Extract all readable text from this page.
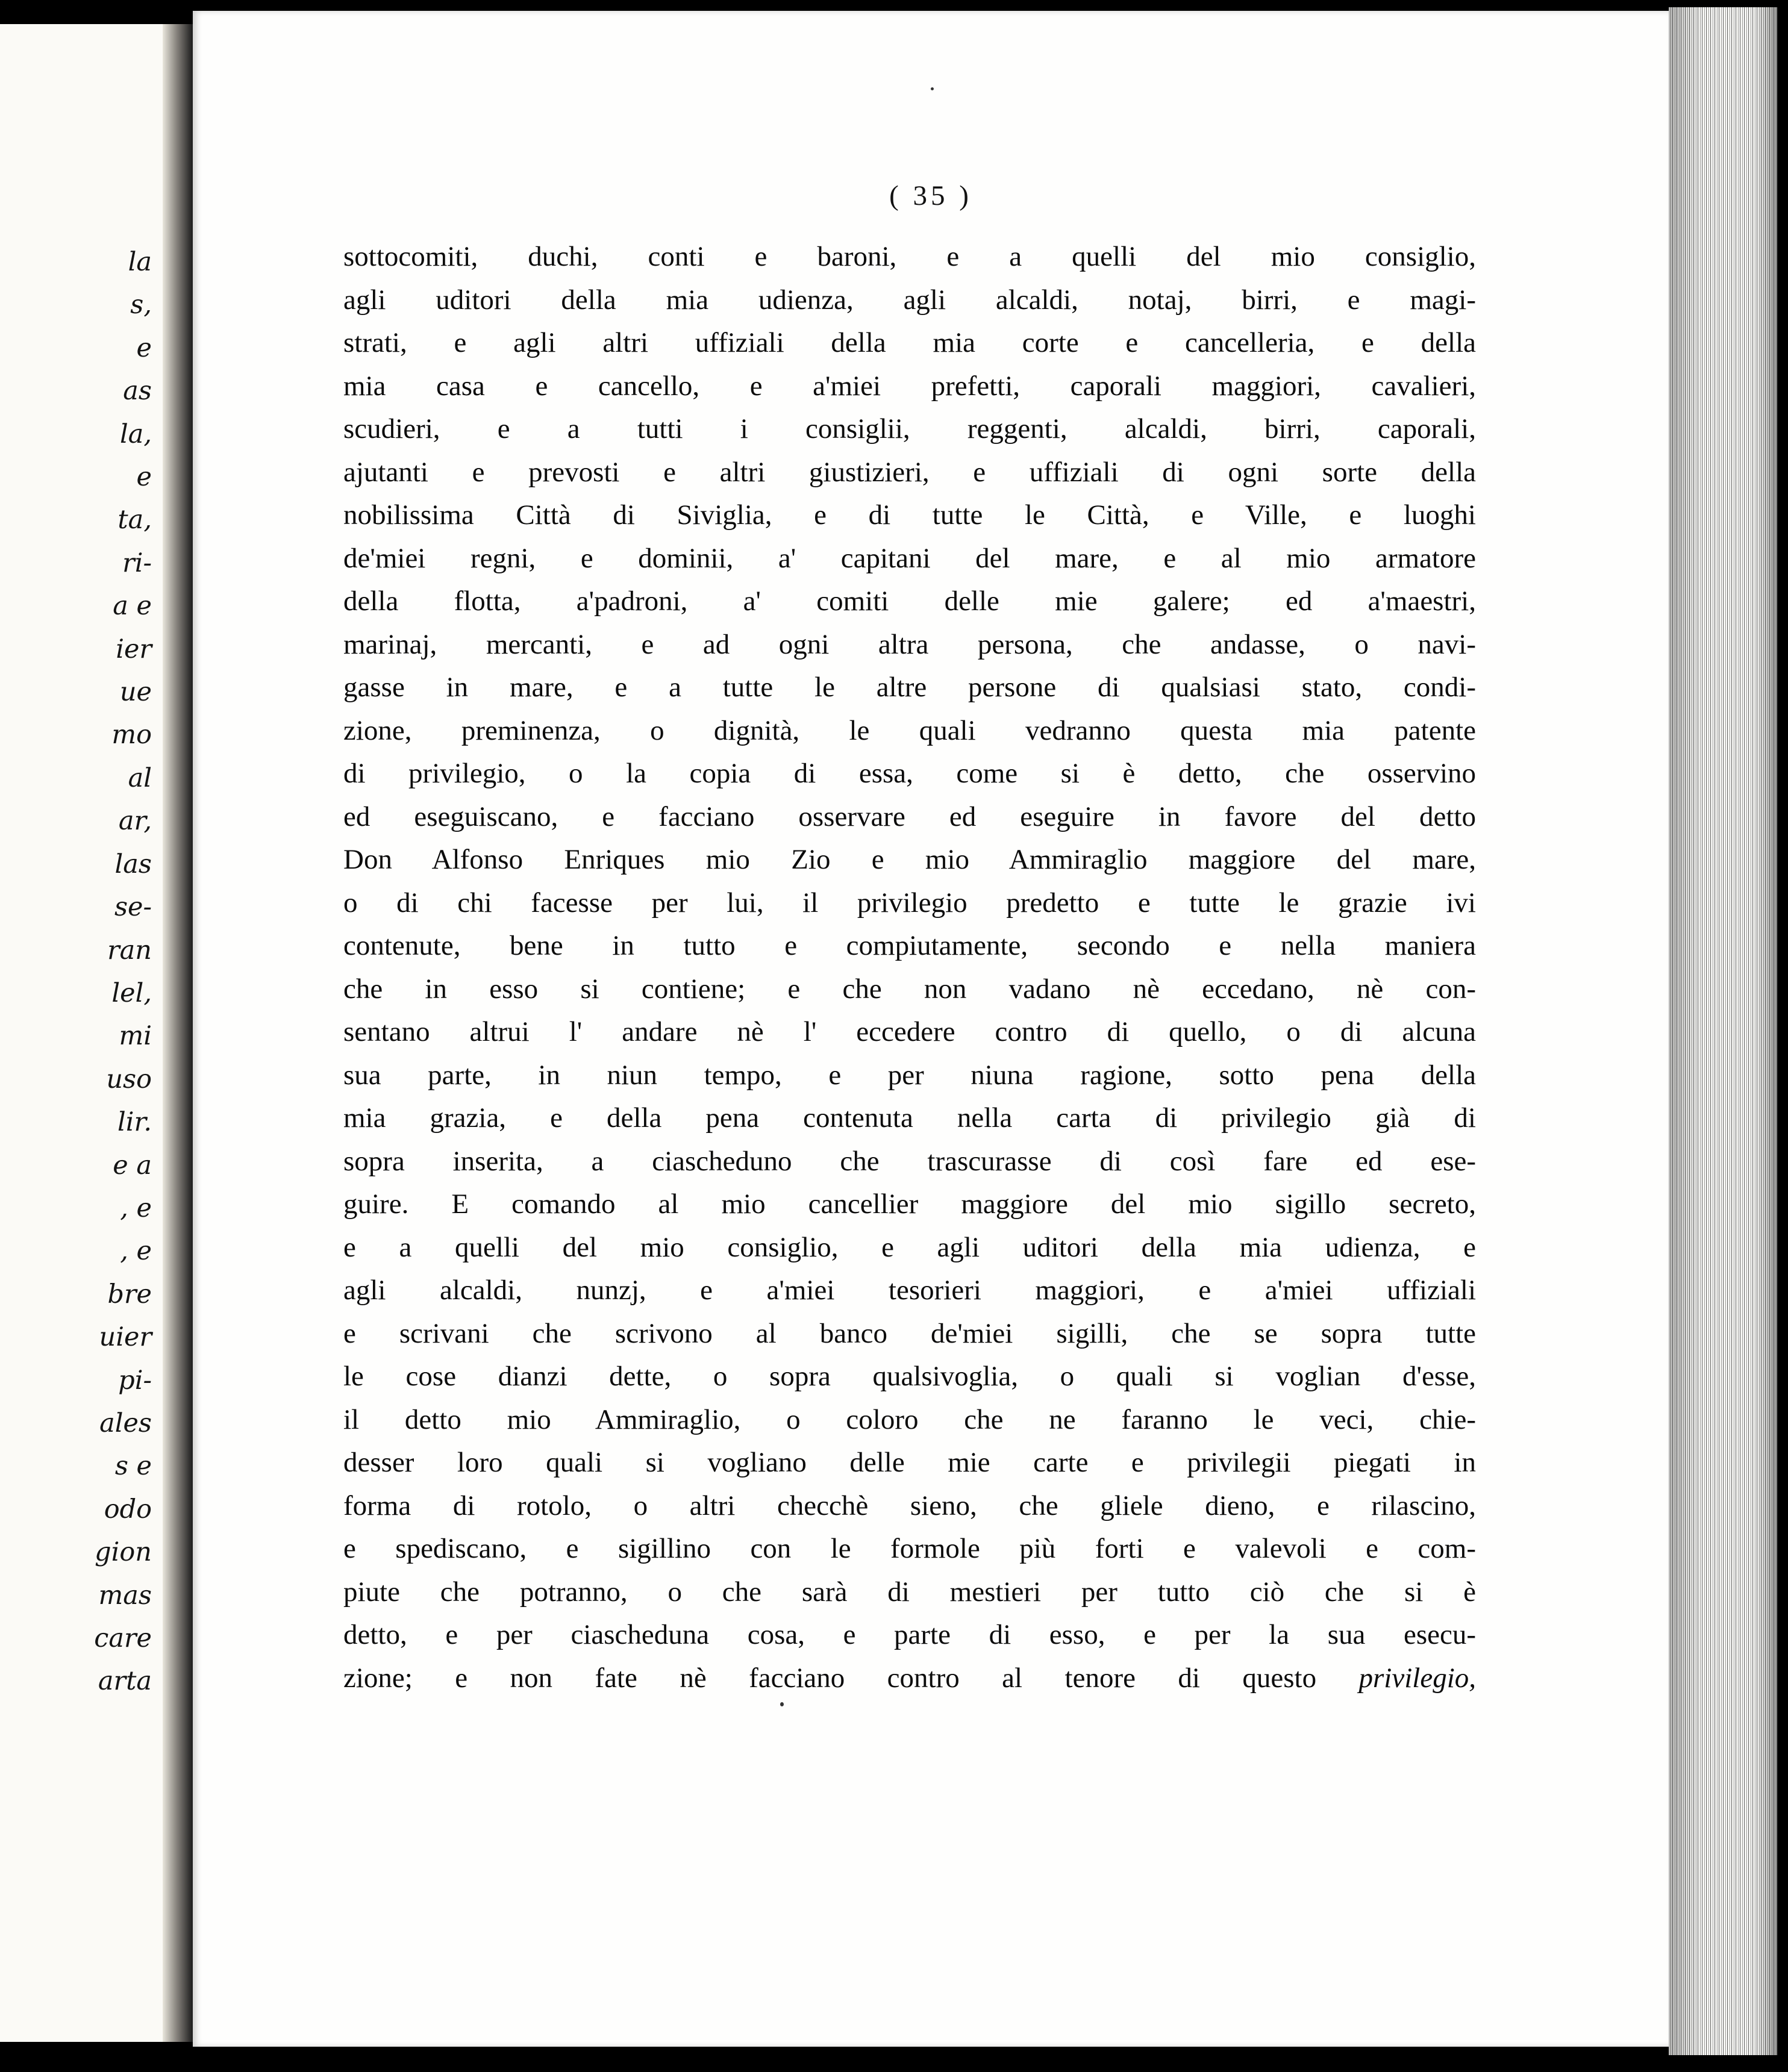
la
s,
e
as
la,
e
ta,
ri-
a e
ier
ue
mo
al
ar,
las
se-
ran
lel,
mi
uso
lir.
e a
, e
, e
bre
uier
pi-
ales
s e
odo
gion
mas
care
arta
( 35 )
sottocomiti, duchi, conti e baroni, e a quelli del mio consiglio,
agli uditori della mia udienza, agli alcaldi, notaj, birri, e magi-
strati, e agli altri uffiziali della mia corte e cancelleria, e della
mia casa e cancello, e a'miei prefetti, caporali maggiori, cavalieri,
scudieri, e a tutti i consiglii, reggenti, alcaldi, birri, caporali,
ajutanti e prevosti e altri giustizieri, e uffiziali di ogni sorte della
nobilissima Città di Siviglia, e di tutte le Città, e Ville, e luoghi
de'miei regni, e dominii, a' capitani del mare, e al mio armatore
della flotta, a'padroni, a' comiti delle mie galere; ed a'maestri,
marinaj, mercanti, e ad ogni altra persona, che andasse, o navi-
gasse in mare, e a tutte le altre persone di qualsiasi stato, condi-
zione, preminenza, o dignità, le quali vedranno questa mia patente
di privilegio, o la copia di essa, come si è detto, che osservino
ed eseguiscano, e facciano osservare ed eseguire in favore del detto
Don Alfonso Enriques mio Zio e mio Ammiraglio maggiore del mare,
o di chi facesse per lui, il privilegio predetto e tutte le grazie ivi
contenute, bene in tutto e compiutamente, secondo e nella maniera
che in esso si contiene; e che non vadano nè eccedano, nè con-
sentano altrui l' andare nè l' eccedere contro di quello, o di alcuna
sua parte, in niun tempo, e per niuna ragione, sotto pena della
mia grazia, e della pena contenuta nella carta di privilegio già di
sopra inserita, a ciascheduno che trascurasse di così fare ed ese-
guire. E comando al mio cancellier maggiore del mio sigillo secreto,
e a quelli del mio consiglio, e agli uditori della mia udienza, e
agli alcaldi, nunzj, e a'miei tesorieri maggiori, e a'miei uffiziali
e scrivani che scrivono al banco de'miei sigilli, che se sopra tutte
le cose dianzi dette, o sopra qualsivoglia, o quali si voglian d'esse,
il detto mio Ammiraglio, o coloro che ne faranno le veci, chie-
desser loro quali si vogliano delle mie carte e privilegii piegati in
forma di rotolo, o altri checchè sieno, che gliele dieno, e rilascino,
e spediscano, e sigillino con le formole più forti e valevoli e com-
piute che potranno, o che sarà di mestieri per tutto ciò che si è
detto, e per ciascheduna cosa, e parte di esso, e per la sua esecu-
zione; e non fate nè facciano contro al tenore di questo privilegio,
